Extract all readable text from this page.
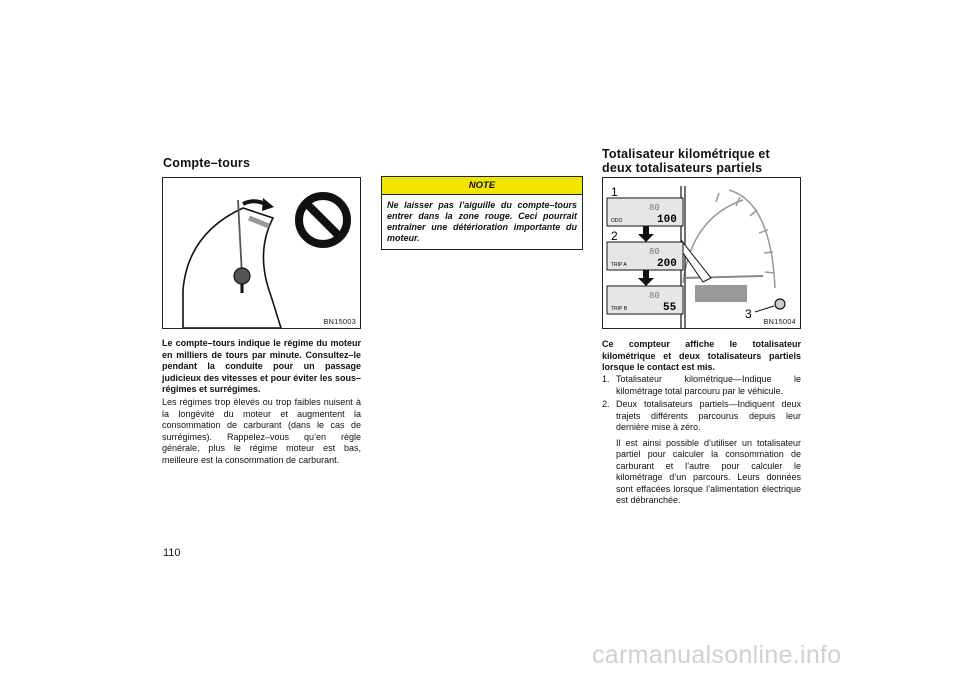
Compte–tours
BN15003
Le compte–tours indique le régime du moteur en milliers de tours par minute. Consultez–le pendant la conduite pour un passage judicieux des vitesses et pour éviter les sous–régimes et surrégimes.
Les régimes trop élevés ou trop faibles nuisent à la longévité du moteur et augmentent la consommation de carburant (dans le cas de surrégimes). Rappelez–vous qu’en règle générale, plus le régime moteur est bas, meilleure est la consommation de carburant.
NOTE
Ne laisser pas l’aiguille du compte–tours entrer dans la zone rouge. Ceci pourrait entraîner une détérioration importante du moteur.
Totalisateur kilométrique et
deux totalisateurs partiels
1
2
3
ODO
TRIP A
TRIP B
80
80
80
100
200
55
BN15004
Ce compteur affiche le totalisateur kilométrique et deux totalisateurs partiels lorsque le contact est mis.
1. Totalisateur kilométrique—Indique le kilométrage total parcouru par le véhicule.
2. Deux totalisateurs partiels—Indiquent deux trajets différents parcourus depuis leur dernière mise à zéro.
Il est ainsi possible d’utiliser un totalisateur partiel pour calculer la consommation de carburant et l’autre pour calculer le kilométrage d’un parcours. Leurs données sont effacées lorsque l’alimentation électrique est débranchée.
110
carmanualsonline.info
